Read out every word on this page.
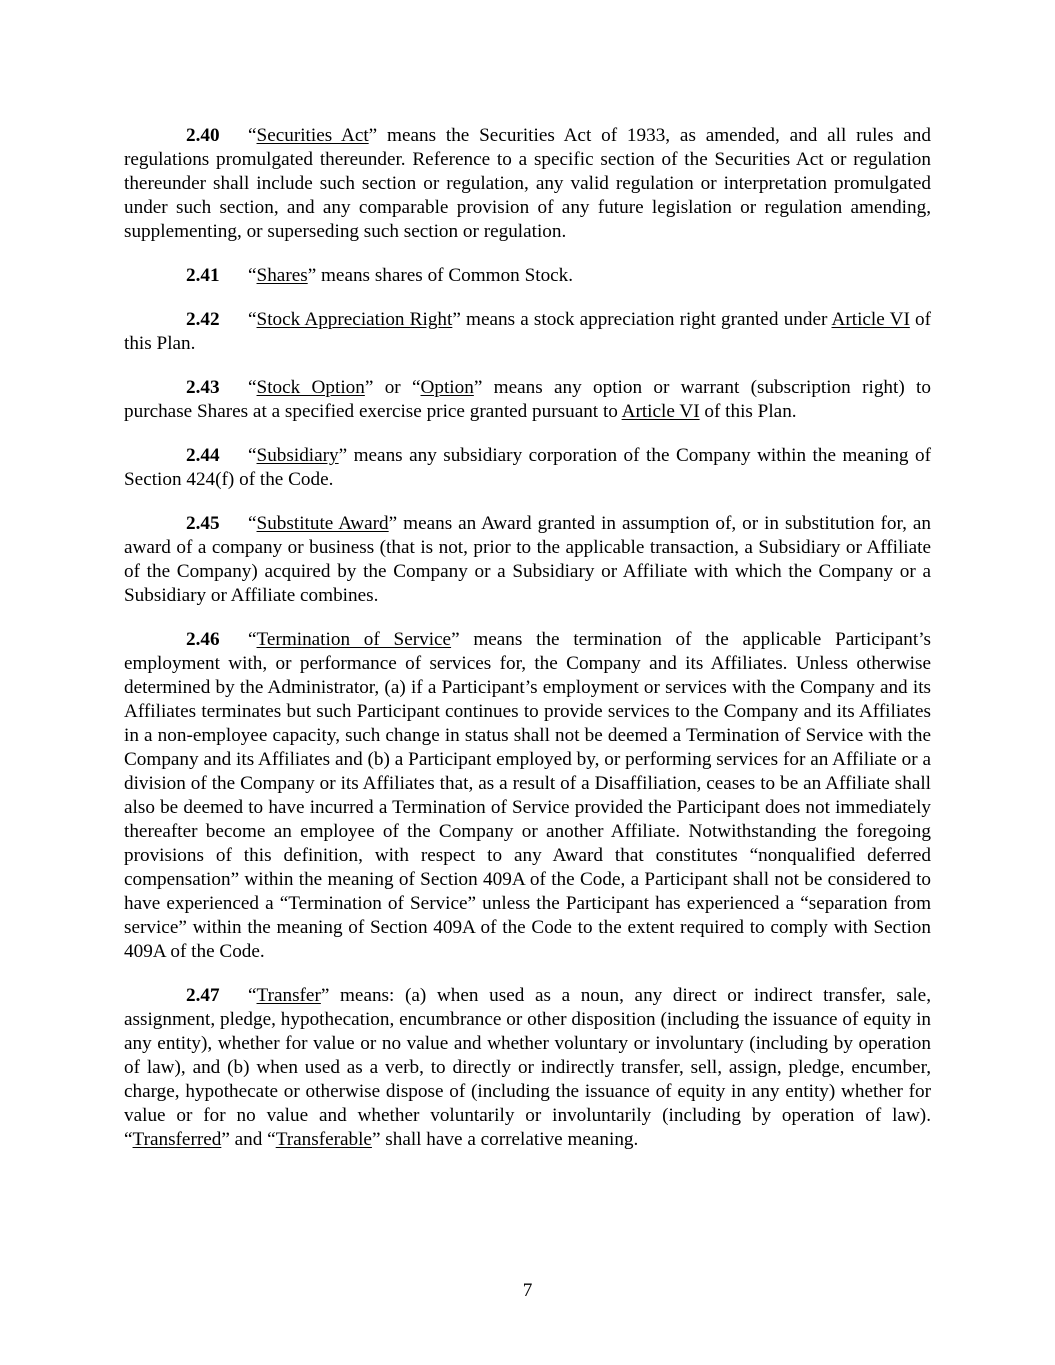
2.40 “Securities Act” means the Securities Act of 1933, as amended, and all rules and regulations promulgated thereunder. Reference to a specific section of the Securities Act or regulation thereunder shall include such section or regulation, any valid regulation or interpretation promulgated under such section, and any comparable provision of any future legislation or regulation amending, supplementing, or superseding such section or regulation.

2.41 “Shares” means shares of Common Stock.

2.42 “Stock Appreciation Right” means a stock appreciation right granted under Article VI of this Plan.

2.43 “Stock Option” or “Option” means any option or warrant (subscription right) to purchase Shares at a specified exercise price granted pursuant to Article VI of this Plan.

2.44 “Subsidiary” means any subsidiary corporation of the Company within the meaning of Section 424(f) of the Code.

2.45 “Substitute Award” means an Award granted in assumption of, or in substitution for, an award of a company or business (that is not, prior to the applicable transaction, a Subsidiary or Affiliate of the Company) acquired by the Company or a Subsidiary or Affiliate with which the Company or a Subsidiary or Affiliate combines.

2.46 “Termination of Service” means the termination of the applicable Participant’s employment with, or performance of services for, the Company and its Affiliates. Unless otherwise determined by the Administrator, (a) if a Participant’s employment or services with the Company and its Affiliates terminates but such Participant continues to provide services to the Company and its Affiliates in a non-employee capacity, such change in status shall not be deemed a Termination of Service with the Company and its Affiliates and (b) a Participant employed by, or performing services for an Affiliate or a division of the Company or its Affiliates that, as a result of a Disaffiliation, ceases to be an Affiliate shall also be deemed to have incurred a Termination of Service provided the Participant does not immediately thereafter become an employee of the Company or another Affiliate. Notwithstanding the foregoing provisions of this definition, with respect to any Award that constitutes “nonqualified deferred compensation” within the meaning of Section 409A of the Code, a Participant shall not be considered to have experienced a “Termination of Service” unless the Participant has experienced a “separation from service” within the meaning of Section 409A of the Code to the extent required to comply with Section 409A of the Code.

2.47 “Transfer” means: (a) when used as a noun, any direct or indirect transfer, sale, assignment, pledge, hypothecation, encumbrance or other disposition (including the issuance of equity in any entity), whether for value or no value and whether voluntary or involuntary (including by operation of law), and (b) when used as a verb, to directly or indirectly transfer, sell, assign, pledge, encumber, charge, hypothecate or otherwise dispose of (including the issuance of equity in any entity) whether for value or for no value and whether voluntarily or involuntarily (including by operation of law). “Transferred” and “Transferable” shall have a correlative meaning.

7
